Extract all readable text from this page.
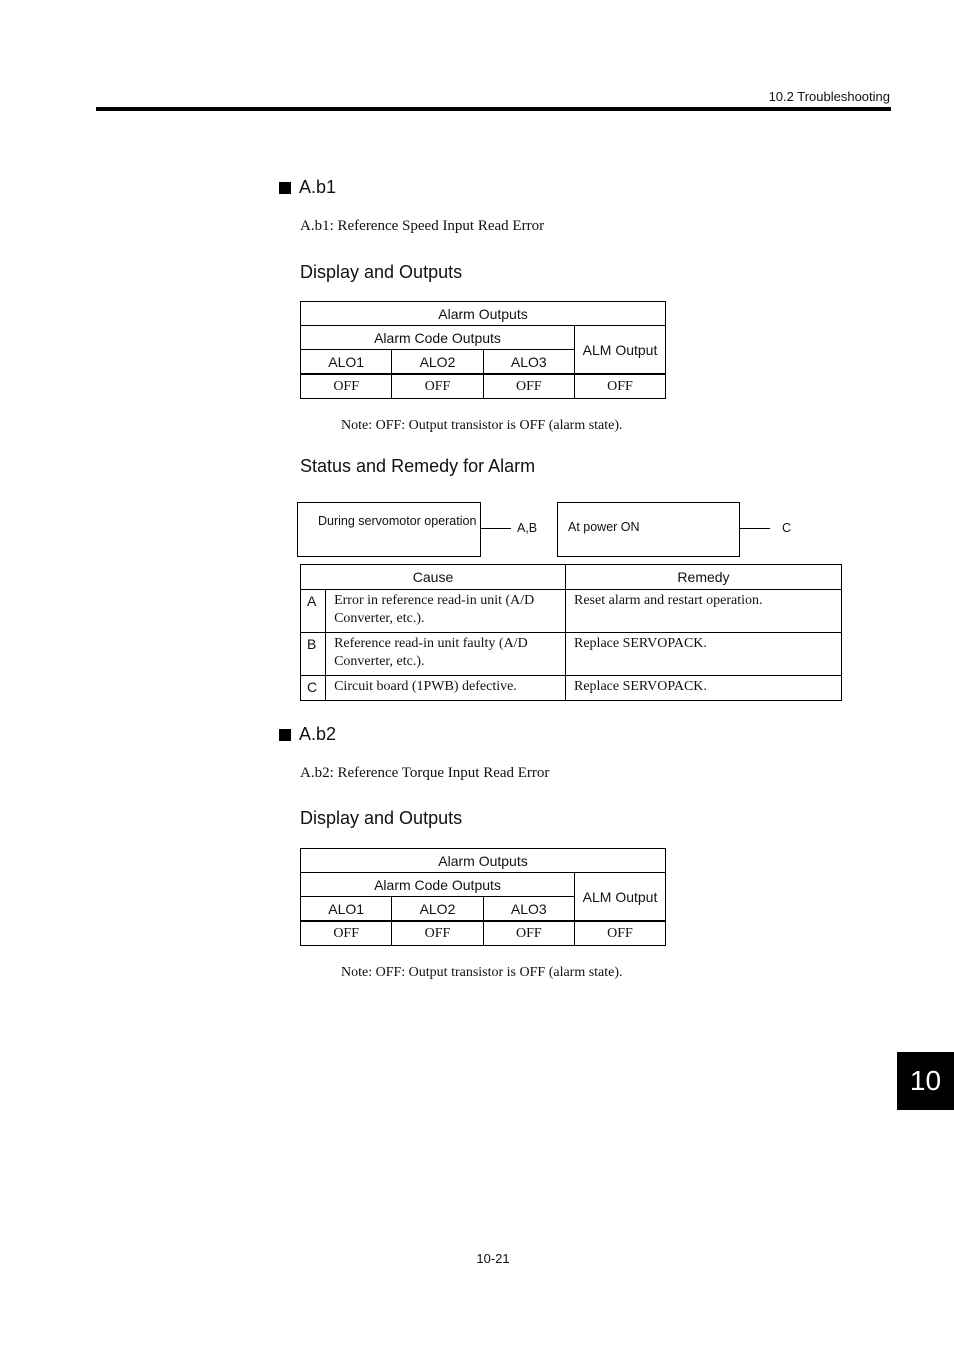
10.2 Troubleshooting
A.b1
A.b1: Reference Speed Input Read Error
Display and Outputs
Alarm Outputs			
Alarm Code Outputs			ALM Output
ALO1	ALO2	ALO3	
OFF	OFF	OFF	OFF
Note: OFF: Output transistor is OFF (alarm state).
Status and Remedy for Alarm
During servomotor operation	A,B	At power ON	C
Cause		Remedy
A	Error in reference read-in unit (A/D Converter, etc.).	Reset alarm and restart operation.
B	Reference read-in unit faulty (A/D Converter, etc.).	Replace SERVOPACK.
C	Circuit board (1PWB) defective.	Replace SERVOPACK.
A.b2
A.b2: Reference Torque Input Read Error
Display and Outputs
Alarm Outputs			
Alarm Code Outputs			ALM Output
ALO1	ALO2	ALO3	
OFF	OFF	OFF	OFF
Note: OFF: Output transistor is OFF (alarm state).
10
10-21
